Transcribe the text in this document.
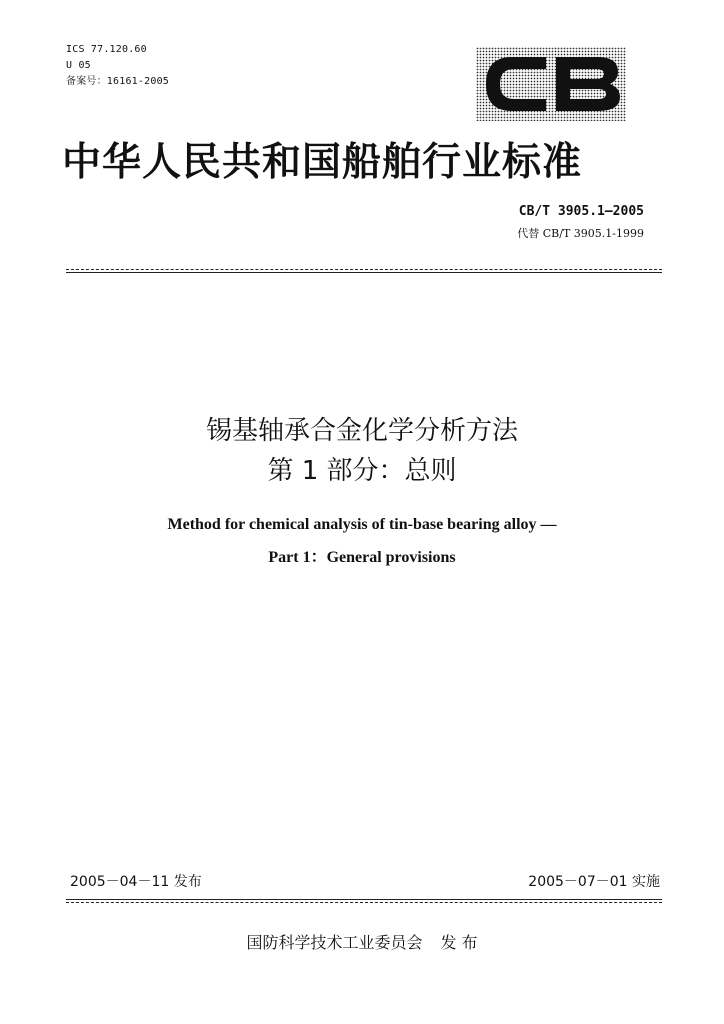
ICS 77.120.60
U 05
备案号：16161-2005
中华人民共和国船舶行业标准
CB/T 3905.1—2005
代替 CB/T 3905.1-1999
锡基轴承合金化学分析方法
第 1 部分：总则
Method for chemical analysis of tin-base bearing alloy —
Part 1：General provisions
2005－04－11 发布	2005－07－01 实施
国防科学技术工业委员会 发 布
